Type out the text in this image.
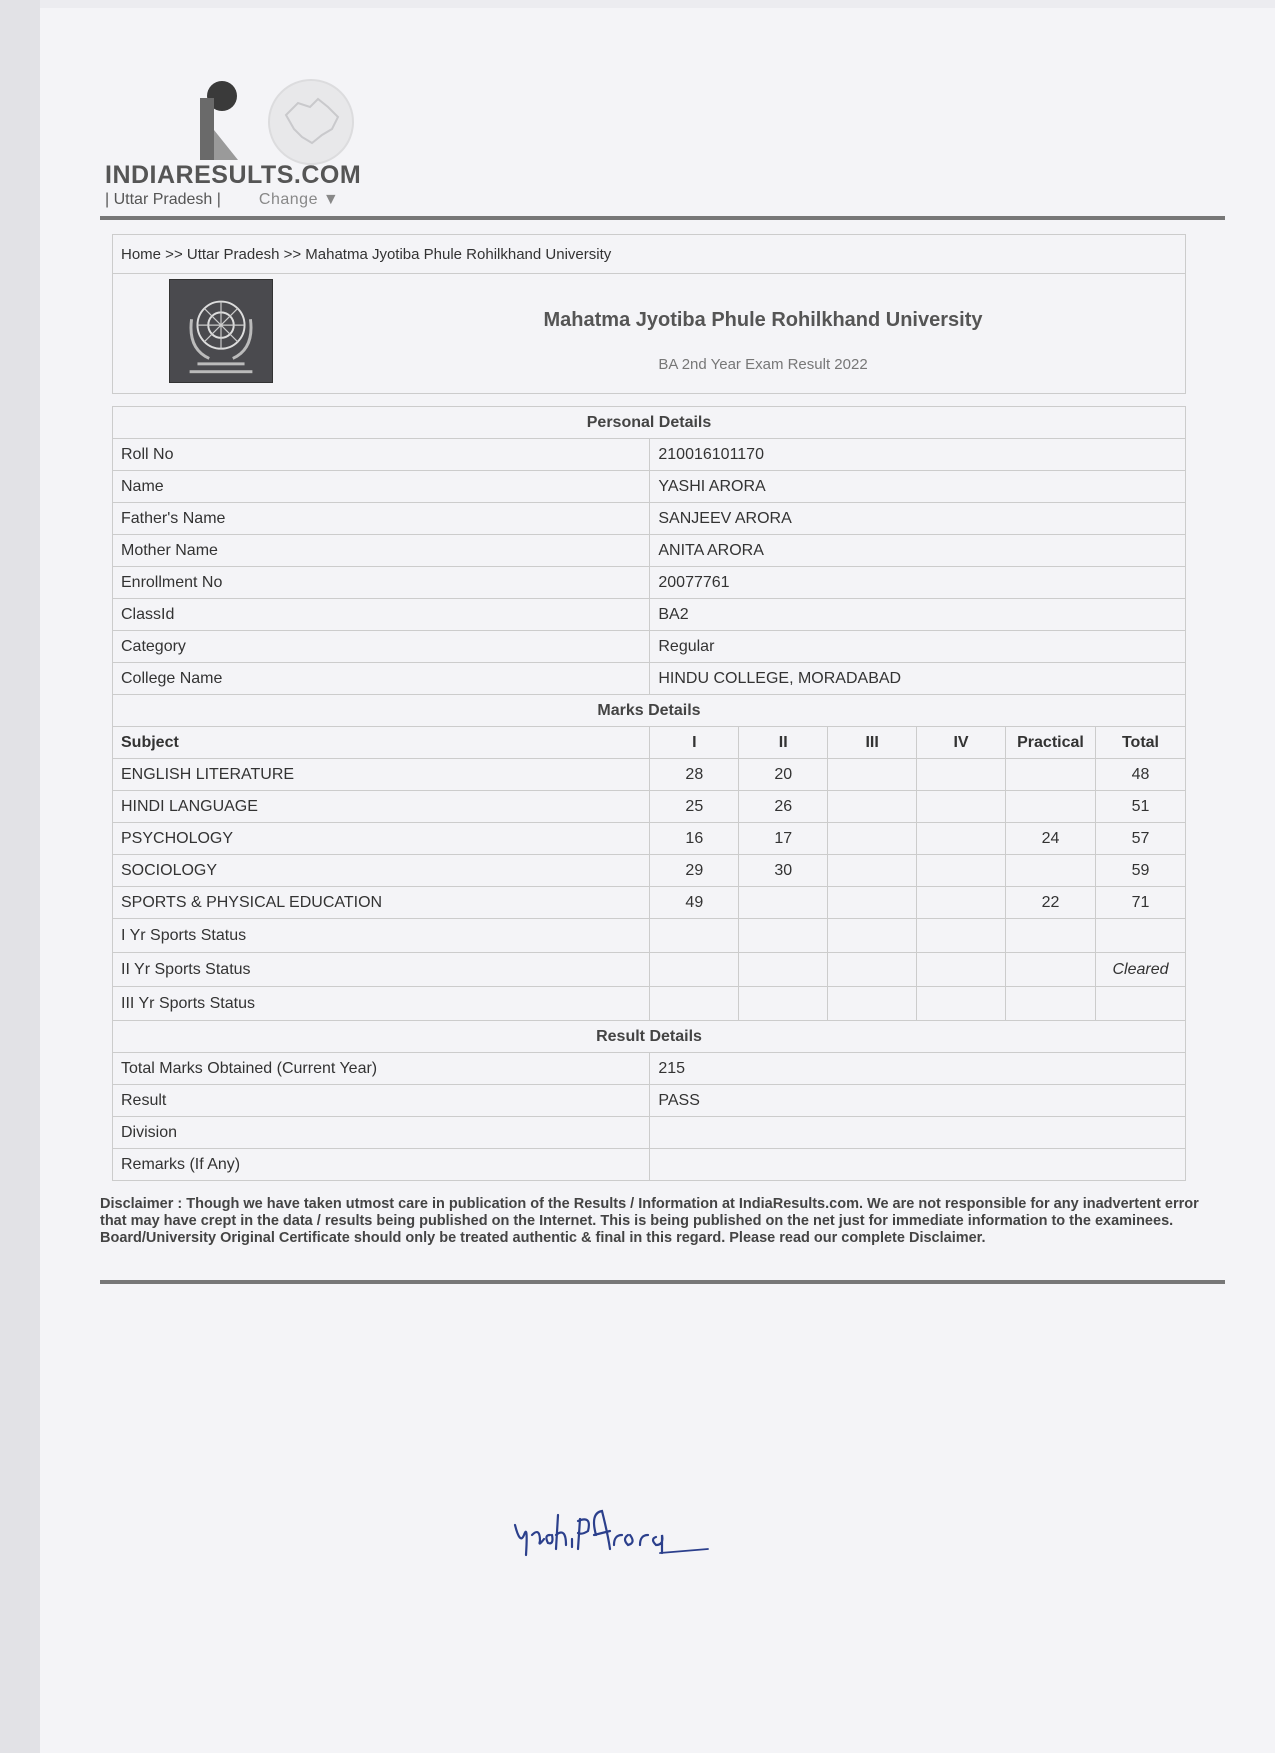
INDIARESULTS.COM
| Uttar Pradesh | Change ▼
Home >> Uttar Pradesh >> Mahatma Jyotiba Phule Rohilkhand University
Mahatma Jyotiba Phule Rohilkhand University
BA 2nd Year Exam Result 2022
Personal Details						
Roll No	210016101170					
Name	YASHI ARORA					
Father's Name	SANJEEV ARORA					
Mother Name	ANITA ARORA					
Enrollment No	20077761					
ClassId	BA2					
Category	Regular					
College Name	HINDU COLLEGE, MORADABAD					
Marks Details						
Subject	I	II	III	IV	Practical	Total
ENGLISH LITERATURE	28	20				48
HINDI LANGUAGE	25	26				51
PSYCHOLOGY	16	17			24	57
SOCIOLOGY	29	30				59
SPORTS & PHYSICAL EDUCATION	49				22	71
I Yr Sports Status						
II Yr Sports Status						Cleared
III Yr Sports Status						
Result Details						
Total Marks Obtained (Current Year)	215					
Result	PASS					
Division						
Remarks (If Any)						
Disclaimer : Though we have taken utmost care in publication of the Results / Information at IndiaResults.com. We are not responsible for any inadvertent error that may have crept in the data / results being published on the Internet. This is being published on the net just for immediate information to the examinees. Board/University Original Certificate should only be treated authentic & final in this regard. Please read our complete Disclaimer.
